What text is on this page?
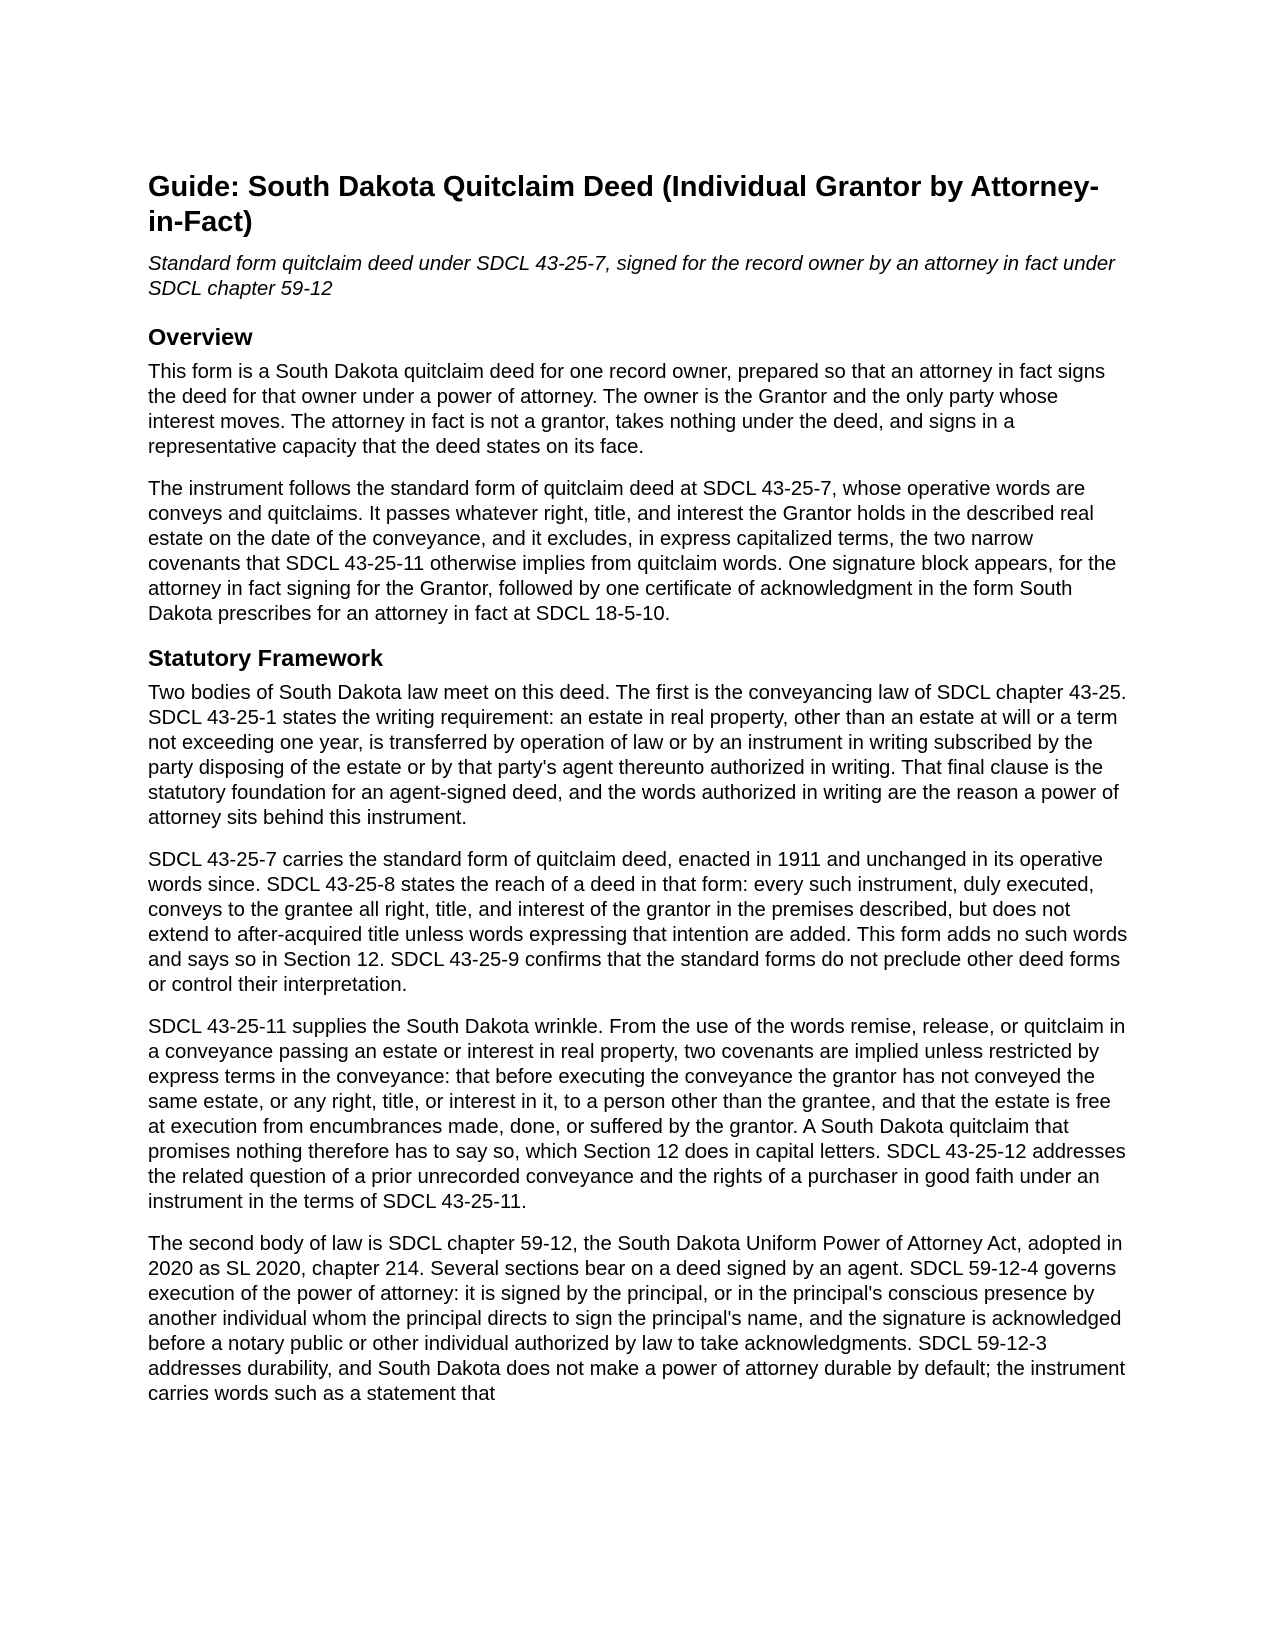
Guide: South Dakota Quitclaim Deed (Individual Grantor by Attorney-in-Fact)

Standard form quitclaim deed under SDCL 43-25-7, signed for the record owner by an attorney in fact under SDCL chapter 59-12

Overview

This form is a South Dakota quitclaim deed for one record owner, prepared so that an attorney in fact signs the deed for that owner under a power of attorney. The owner is the Grantor and the only party whose interest moves. The attorney in fact is not a grantor, takes nothing under the deed, and signs in a representative capacity that the deed states on its face.

The instrument follows the standard form of quitclaim deed at SDCL 43-25-7, whose operative words are conveys and quitclaims. It passes whatever right, title, and interest the Grantor holds in the described real estate on the date of the conveyance, and it excludes, in express capitalized terms, the two narrow covenants that SDCL 43-25-11 otherwise implies from quitclaim words. One signature block appears, for the attorney in fact signing for the Grantor, followed by one certificate of acknowledgment in the form South Dakota prescribes for an attorney in fact at SDCL 18-5-10.

Statutory Framework

Two bodies of South Dakota law meet on this deed. The first is the conveyancing law of SDCL chapter 43-25. SDCL 43-25-1 states the writing requirement: an estate in real property, other than an estate at will or a term not exceeding one year, is transferred by operation of law or by an instrument in writing subscribed by the party disposing of the estate or by that party's agent thereunto authorized in writing. That final clause is the statutory foundation for an agent-signed deed, and the words authorized in writing are the reason a power of attorney sits behind this instrument.

SDCL 43-25-7 carries the standard form of quitclaim deed, enacted in 1911 and unchanged in its operative words since. SDCL 43-25-8 states the reach of a deed in that form: every such instrument, duly executed, conveys to the grantee all right, title, and interest of the grantor in the premises described, but does not extend to after-acquired title unless words expressing that intention are added. This form adds no such words and says so in Section 12. SDCL 43-25-9 confirms that the standard forms do not preclude other deed forms or control their interpretation.

SDCL 43-25-11 supplies the South Dakota wrinkle. From the use of the words remise, release, or quitclaim in a conveyance passing an estate or interest in real property, two covenants are implied unless restricted by express terms in the conveyance: that before executing the conveyance the grantor has not conveyed the same estate, or any right, title, or interest in it, to a person other than the grantee, and that the estate is free at execution from encumbrances made, done, or suffered by the grantor. A South Dakota quitclaim that promises nothing therefore has to say so, which Section 12 does in capital letters. SDCL 43-25-12 addresses the related question of a prior unrecorded conveyance and the rights of a purchaser in good faith under an instrument in the terms of SDCL 43-25-11.

The second body of law is SDCL chapter 59-12, the South Dakota Uniform Power of Attorney Act, adopted in 2020 as SL 2020, chapter 214. Several sections bear on a deed signed by an agent. SDCL 59-12-4 governs execution of the power of attorney: it is signed by the principal, or in the principal's conscious presence by another individual whom the principal directs to sign the principal's name, and the signature is acknowledged before a notary public or other individual authorized by law to take acknowledgments. SDCL 59-12-3 addresses durability, and South Dakota does not make a power of attorney durable by default; the instrument carries words such as a statement that
